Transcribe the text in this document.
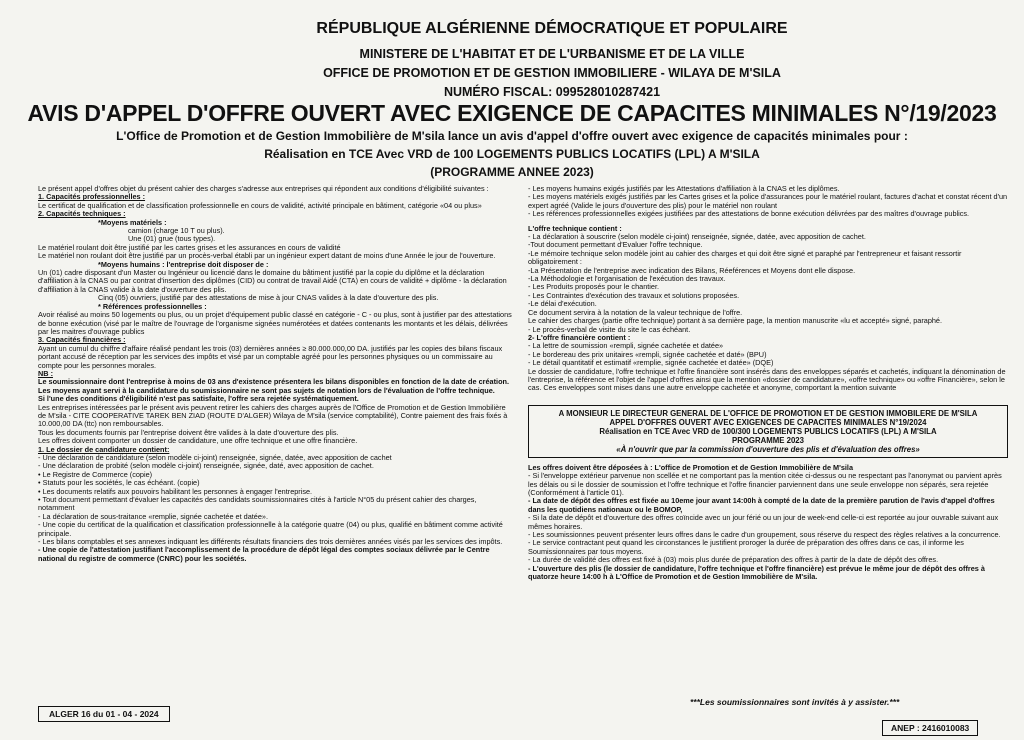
RÉPUBLIQUE ALGÉRIENNE DÉMOCRATIQUE ET POPULAIRE
MINISTERE DE L'HABITAT ET DE L'URBANISME ET DE LA VILLE
OFFICE DE PROMOTION ET DE GESTION IMMOBILIERE - WILAYA DE M'SILA
NUMÉRO FISCAL: 099528010287421
AVIS D'APPEL D'OFFRE OUVERT AVEC EXIGENCE DE CAPACITES MINIMALES N°/19/2023
L'Office de Promotion et de Gestion Immobilière de M'sila lance un avis d'appel d'offre ouvert avec exigence de capacités minimales pour :
Réalisation en TCE Avec VRD de 100 LOGEMENTS PUBLICS LOCATIFS (LPL) A M'SILA
(PROGRAMME ANNEE 2023)

Le présent appel d'offres objet du présent cahier des charges s'adresse aux entreprises qui répondent aux conditions d'éligibilité suivantes :

1. Capacités professionnelles :

Le certificat de qualification et de classification professionnelle en cours de validité, activité principale en bâtiment, catégorie «04 ou plus»

2. Capacités techniques :

*Moyens matériels :

camion (charge 10 T ou plus).

Une (01) grue (tous types).

Le matériel roulant doit être justifié par les cartes grises et les assurances en cours de validité

Le matériel non roulant doit être justifié par un procès-verbal établi par un ingénieur expert datant de moins d'une Année le jour de l'ouverture.

*Moyens humains : l'entreprise doit disposer de :

Un (01) cadre disposant d'un Master ou Ingénieur ou licencié dans le domaine du bâtiment justifié par la copie du diplôme et la déclaration d'affiliation à la CNAS ou par contrat d'insertion des diplômes (CID) ou contrat de travail Aidé (CTA) en cours de validité + diplôme - la déclaration d'affiliation à la CNAS valide à la date d'ouverture des plis.

Cinq (05) ouvriers, justifié par des attestations de mise à jour CNAS valides à la date d'ouverture des plis.

* Références professionnelles :

Avoir réalisé au moins 50 logements ou plus, ou un projet d'équipement public classé en catégorie - C - ou plus, sont à justifier par des attestations de bonne exécution (visé par le maître de l'ouvrage de l'organisme signées numérotées et datées contenants les montants et les délais, délivrées par les maitres d'ouvrage publics

3. Capacités financières :

Ayant un cumul du chiffre d'affaire réalisé pendant les trois (03) dernières années ≥ 80.000.000,00 DA. justifiés par les copies des bilans fiscaux portant accusé de réception par les services des impôts et visé par un comptable agréé pour les personnes physiques ou un commissaire au compte pour les personnes morales.

NB :

Le soumissionnaire dont l'entreprise à moins de 03 ans d'existence présentera les bilans disponibles en fonction de la date de création.

Les moyens ayant servi à la candidature du soumissionnaire ne sont pas sujets de notation lors de l'évaluation de l'offre technique.

Si l'une des conditions d'éligibilité n'est pas satisfaite, l'offre sera rejetée systématiquement.

Les entreprises intéressées par le présent avis peuvent retirer les cahiers des charges auprès de l'Office de Promotion et de Gestion Immobilière de M'sila - CITE COOPERATIVE TAREK BEN ZIAD (ROUTE D'ALGER) Wilaya de M'sila (service comptabilité), Contre paiement des frais fixés à 10.000,00 DA (ttc) non remboursables.

Tous les documents fournis par l'entreprise doivent être valides à la date d'ouverture des plis.

Les offres doivent comporter un dossier de candidature, une offre technique et une offre financière.

1. Le dossier de candidature contient:

- Une déclaration de candidature (selon modèle ci-joint) renseignée, signée, datée, avec apposition de cachet

- Une déclaration de probité (selon modèle ci-joint) renseignée, signée, daté, avec apposition de cachet.

• Le Registre de Commerce (copie)

• Statuts pour les sociétés, le cas échéant. (copie)

• Les documents relatifs aux pouvoirs habilitant les personnes à engager l'entreprise.

• Tout document permettant d'évaluer les capacités des candidats soumissionnaires cités à l'article N°05 du présent cahier des charges, notamment

- La déclaration de sous-traitance «remplie, signée cachetée et datée».

- Une copie du certificat de la qualification et classification professionnelle à la catégorie quatre (04) ou plus, qualifié en bâtiment comme activité principale.

- Les bilans comptables et ses annexes indiquant les différents résultats financiers des trois dernières années visés par les services des impôts.

- Une copie de l'attestation justifiant l'accomplissement de la procédure de dépôt légal des comptes sociaux délivrée par le Centre national du registre de commerce (CNRC) pour les sociétés.

- Les moyens humains exigés justifiés par les Attestations d'affiliation à la CNAS et les diplômes.

- Les moyens matériels exigés justifiés par les Cartes grises et la police d'assurances pour le matériel roulant, factures d'achat et constat récent d'un expert agréé (Valide le jours d'ouverture des plis) pour le matériel non roulant

- Les références professionnelles exigées justifiées par des attestations de bonne exécution délivrées par des maîtres d'ouvrage publics.

L'offre technique contient :

- La déclaration à souscrire (selon modèle ci-joint) renseignée, signée, datée, avec apposition de cachet.

-Tout document permettant d'Evaluer l'offre technique.

-Le mémoire technique selon modèle joint au cahier des charges et qui doit être signé et paraphé par l'entrepreneur et faisant ressortir obligatoirement :

-La Présentation de l'entreprise avec indication des Bilans, Réeférences et Moyens dont elle dispose.

-La Méthodologie et l'organisation de l'exécution des travaux.

- Les Produits proposés pour le chantier.

- Les Contraintes d'exécution des travaux et solutions proposées.

-Le délai d'exécution.

Ce document servira à la notation de la valeur technique de l'offre.

Le cahier des charges (partie offre technique) portant à sa dernière page, la mention manuscrite «lu et accepté» signé, paraphé.

- Le procès-verbal de visite du site le cas échéant.

2- L'offre financière contient :

- La lettre de soumission «rempli, signée cachetée et datée»

- Le bordereau des prix unitaires «rempli, signée cachetée et daté» (BPU)

- Le détail quantitatif et estimatif «remplie, signée cachetée et datée» (DQE)

Le dossier de candidature, l'offre technique et l'offre financière sont insérés dans des enveloppes séparés et cachetés, indiquant la dénomination de l'entreprise, la référence et l'objet de l'appel d'offres ainsi que la mention «dossier de candidature», «offre technique» ou «offre Financière», selon le cas. Ces enveloppes sont mises dans une autre enveloppe cachetée et anonyme, comportant la mention suivante

A MONSIEUR LE DIRECTEUR GENERAL DE L'OFFICE DE PROMOTION ET DE GESTION IMMOBILERE DE M'SILA

APPEL D'OFFRES OUVERT AVEC EXIGENCES DE CAPACITES MINIMALES N°19/2024

Réalisation en TCE Avec VRD de 100/300 LOGEMENTS PUBLICS LOCATIFS (LPL) A M'SILA

PROGRAMME 2023

«À n'ouvrir que par la commission d'ouverture des plis et d'évaluation des offres»

Les offres doivent être déposées à : L'office de Promotion et de Gestion Immobilière de M'sila

- Si l'enveloppe extérieur parvenue non scellée et ne comportant pas la mention citée ci-dessus ou ne respectant pas l'anonymat ou parvient après les délais ou si le dossier de soumission et l'offre technique et l'offre financier parviennent dans une seule enveloppe non séparés, sera rejetée (Conformément à l'article 01).

- La date de dépôt des offres est fixée au 10eme jour avant 14:00h à compté de la date de la première parution de l'avis d'appel d'offres dans les quotidiens nationaux ou le BOMOP,

- Si la date de dépôt et d'ouverture des offres coïncide avec un jour férié ou un jour de week-end celle-ci est reportée au jour ouvrable suivant aux mêmes horaires.

- Les soumissionnes peuvent présenter leurs offres dans le cadre d'un groupement, sous réserve du respect des règles relatives a la concurrence.

- Le service contractant peut quand les circonstances le justifient proroger la durée de préparation des offres dans ce cas, il informe les Soumissionnaires par tous moyens.

- La durée de validité des offres est fixé à (03) mois plus durée de préparation des offres à partir de la date de dépôt des offres.

- L'ouverture des plis (le dossier de candidature, l'offre technique et l'offre financière) est prévue le même jour de dépôt des offres à quatorze heure 14:00 h à L'Office de Promotion et de Gestion Immobilière de M'sila.

ALGER 16 du 01 - 04 - 2024
***Les soumissionnaires sont invités à y assister.***
ANEP : 2416010083
